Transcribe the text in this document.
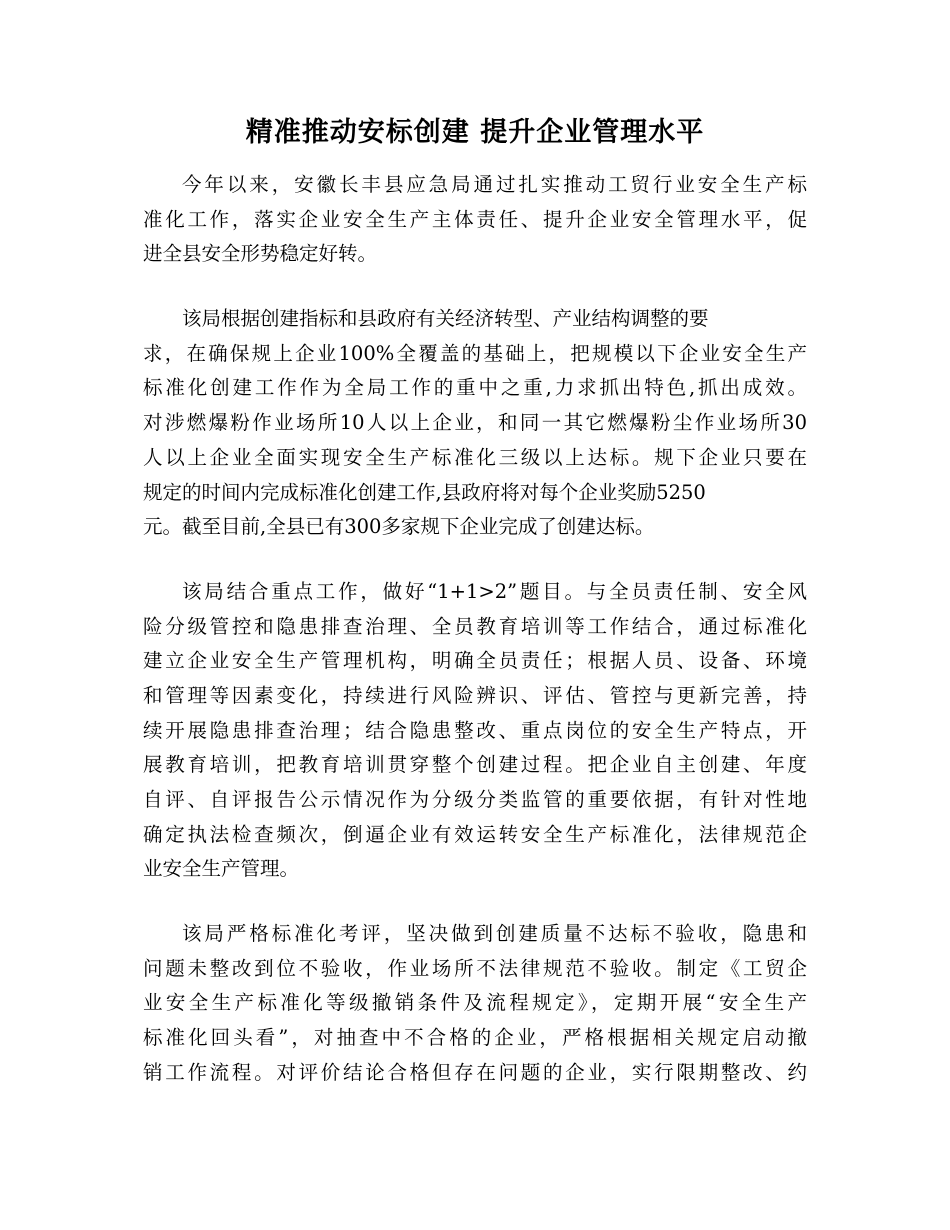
精准推动安标创建 提升企业管理水平
今年以来，安徽长丰县应急局通过扎实推动工贸行业安全生产标
准化工作，落实企业安全生产主体责任、提升企业安全管理水平，促
进全县安全形势稳定好转。
该局根据创建指标和县政府有关经济转型、产业结构调整的要
求，在确保规上企业100%全覆盖的基础上，把规模以下企业安全生产
标准化创建工作作为全局工作的重中之重,力求抓出特色,抓出成效。
对涉燃爆粉作业场所10人以上企业，和同一其它燃爆粉尘作业场所30
人以上企业全面实现安全生产标准化三级以上达标。规下企业只要在
规定的时间内完成标准化创建工作,县政府将对每个企业奖励5250
元。截至目前,全县已有300多家规下企业完成了创建达标。
该局结合重点工作，做好“1+1>2”题目。与全员责任制、安全风
险分级管控和隐患排查治理、全员教育培训等工作结合，通过标准化
建立企业安全生产管理机构，明确全员责任；根据人员、设备、环境
和管理等因素变化，持续进行风险辨识、评估、管控与更新完善，持
续开展隐患排查治理；结合隐患整改、重点岗位的安全生产特点，开
展教育培训，把教育培训贯穿整个创建过程。把企业自主创建、年度
自评、自评报告公示情况作为分级分类监管的重要依据，有针对性地
确定执法检查频次，倒逼企业有效运转安全生产标准化，法律规范企
业安全生产管理。
该局严格标准化考评，坚决做到创建质量不达标不验收，隐患和
问题未整改到位不验收，作业场所不法律规范不验收。制定《工贸企
业安全生产标准化等级撤销条件及流程规定》，定期开展“安全生产
标准化回头看”，对抽查中不合格的企业，严格根据相关规定启动撤
销工作流程。对评价结论合格但存在问题的企业，实行限期整改、约
